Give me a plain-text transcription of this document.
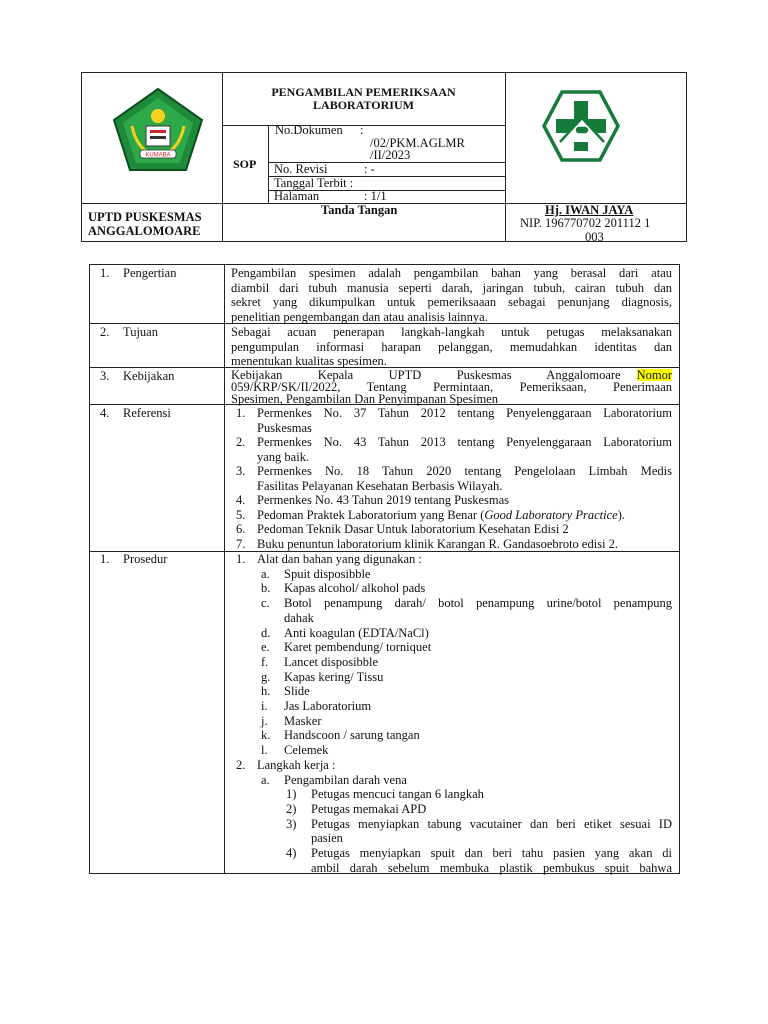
KUMABA
PENGAMBILAN PEMERIKSAAN
LABORATORIUM
SOP
No.Dokumen :
/02/PKM.AGLMR
/II/2023
No. Revisi	: -
Tanggal Terbit :
Halaman	: 1/1
UPTD PUSKESMAS
ANGGALOMOARE
Tanda Tangan	Hj. IWAN JAYA
NIP. 196770702 201112 1
003
1. Pengertian	Pengambilan spesimen adalah pengambilan bahan yang berasal dari atau
diambil dari tubuh manusia seperti darah, jaringan tubuh, cairan tubuh dan
sekret yang dikumpulkan untuk pemeriksaaan sebagai penunjang diagnosis,
penelitian pengembangan dan atau analisis lainnya.
2. Tujuan	Sebagai acuan penerapan langkah-langkah untuk petugas melaksanakan
pengumpulan informasi harapan pelanggan, memudahkan identitas dan
menentukan kualitas spesimen.
3. Kebijakan	Kebijakan Kepala UPTD Puskesmas Anggalomoare Nomor
059/KRP/SK/II/2022, Tentang Permintaan, Pemeriksaan, Penerimaan
Spesimen, Pengambilan Dan Penyimpanan Spesimen
4. Referensi	1. Permenkes No. 37 Tahun 2012 tentang Penyelenggaraan Laboratorium
Puskesmas
2. Permenkes No. 43 Tahun 2013 tentang Penyelenggaraan Laboratorium
yang baik.
3. Permenkes No. 18 Tahun 2020 tentang Pengelolaan Limbah Medis
Fasilitas Pelayanan Kesehatan Berbasis Wilayah.
4. Permenkes No. 43 Tahun 2019 tentang Puskesmas
5. Pedoman Praktek Laboratorium yang Benar (Good Laboratory Practice).
6. Pedoman Teknik Dasar Untuk laboratorium Kesehatan Edisi 2
7. Buku penuntun laboratorium klinik Karangan R. Gandasoebroto edisi 2.
1. Prosedur	1. Alat dan bahan yang digunakan :
a.	Spuit disposibble
b.	Kapas alcohol/ alkohol pads
c.	Botol penampung darah/ botol penampung urine/botol penampung
dahak
d.	Anti koagulan (EDTA/NaCl)
e.	Karet pembendung/ torniquet
f.	Lancet disposibble
g.	Kapas kering/ Tissu
h.	Slide
i.	Jas Laboratorium
j.	Masker
k.	Handscoon / sarung tangan
l.	Celemek
2. Langkah kerja :
a.	Pengambilan darah vena
1)	Petugas mencuci tangan 6 langkah
2)	Petugas memakai APD
3)	Petugas menyiapkan tabung vacutainer dan beri etiket sesuai ID
pasien
4)	Petugas menyiapkan spuit dan beri tahu pasien yang akan di
ambil darah sebelum membuka plastik pembukus spuit bahwa
